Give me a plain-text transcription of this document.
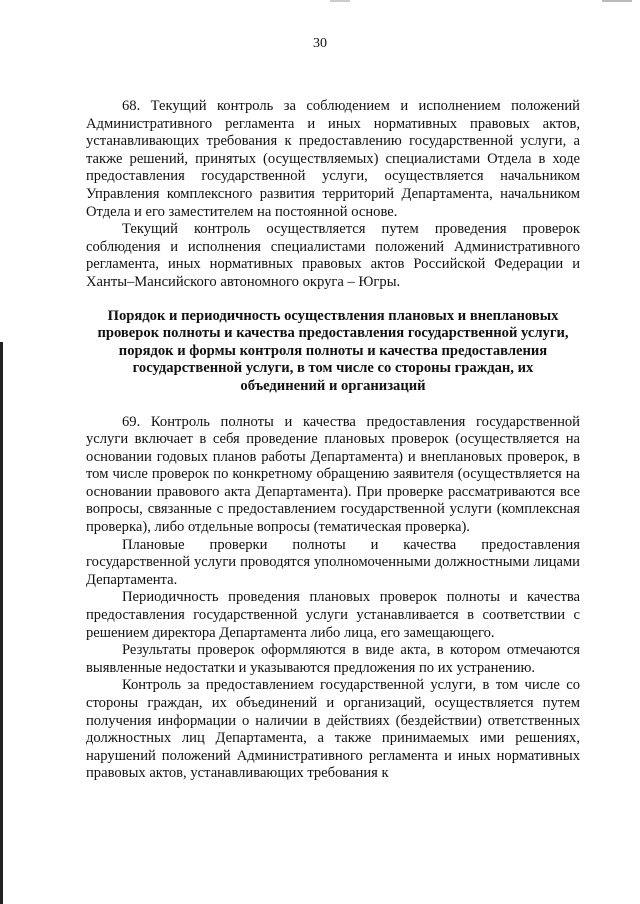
30

68. Текущий контроль за соблюдением и исполнением положений Административного регламента и иных нормативных правовых актов, устанавливающих требования к предоставлению государственной услуги, а также решений, принятых (осуществляемых) специалистами Отдела в ходе предоставления государственной услуги, осуществляется начальником Управления комплексного развития территорий Департамента, начальником Отдела и его заместителем на постоянной основе.

Текущий контроль осуществляется путем проведения проверок соблюдения и исполнения специалистами положений Административного регламента, иных нормативных правовых актов Российской Федерации и Ханты–Мансийского автономного округа – Югры.

Порядок и периодичность осуществления плановых и внеплановых проверок полноты и качества предоставления государственной услуги, порядок и формы контроля полноты и качества предоставления государственной услуги, в том числе со стороны граждан, их объединений и организаций

69. Контроль полноты и качества предоставления государственной услуги включает в себя проведение плановых проверок (осуществляется на основании годовых планов работы Департамента) и внеплановых проверок, в том числе проверок по конкретному обращению заявителя (осуществляется на основании правового акта Департамента). При проверке рассматриваются все вопросы, связанные с предоставлением государственной услуги (комплексная проверка), либо отдельные вопросы (тематическая проверка).

Плановые проверки полноты и качества предоставления государственной услуги проводятся уполномоченными должностными лицами Департамента.

Периодичность проведения плановых проверок полноты и качества предоставления государственной услуги устанавливается в соответствии с решением директора Департамента либо лица, его замещающего.

Результаты проверок оформляются в виде акта, в котором отмечаются выявленные недостатки и указываются предложения по их устранению.

Контроль за предоставлением государственной услуги, в том числе со стороны граждан, их объединений и организаций, осуществляется путем получения информации о наличии в действиях (бездействии) ответственных должностных лиц Департамента, а также принимаемых ими решениях, нарушений положений Административного регламента и иных нормативных правовых актов, устанавливающих требования к
